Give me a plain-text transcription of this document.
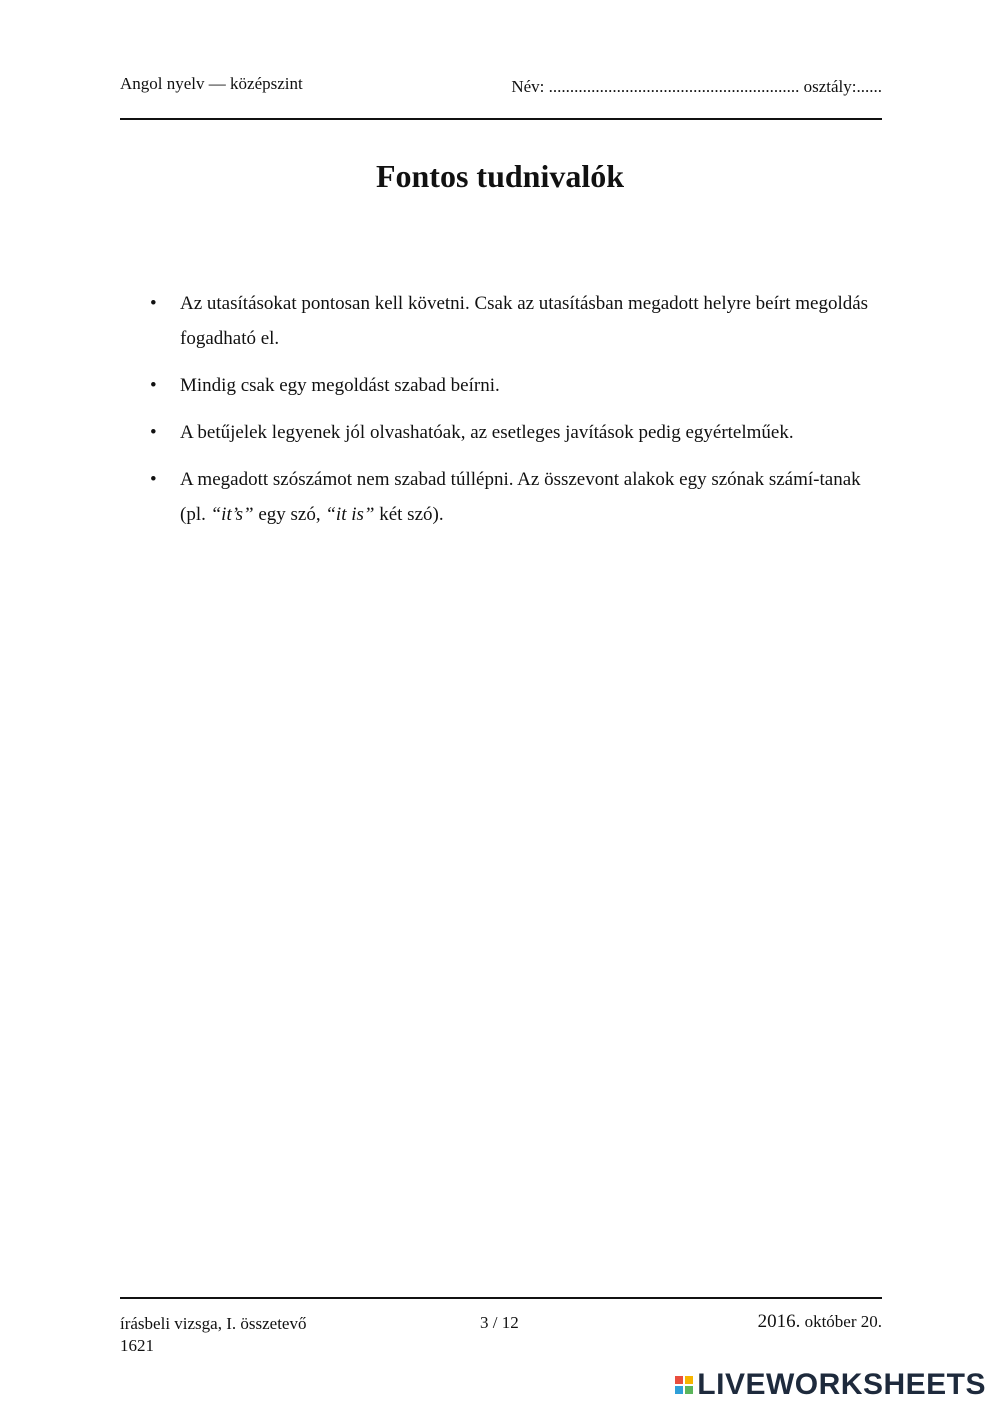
Angol nyelv — középszint	Név: ........................................................... osztály:......
Fontos tudnivalók
• Az utasításokat pontosan kell követni. Csak az utasításban megadott helyre beírt megoldás fogadható el.
• Mindig csak egy megoldást szabad beírni.
• A betűjelek legyenek jól olvashatóak, az esetleges javítások pedig egyértelműek.
• A megadott szószámot nem szabad túllépni. Az összevont alakok egy szónak számí-tanak (pl. “it’s” egy szó, “it is” két szó).
írásbeli vizsga, I. összetevő
1621
3 / 12	2016. október 20.
LIVEWORKSHEETS
